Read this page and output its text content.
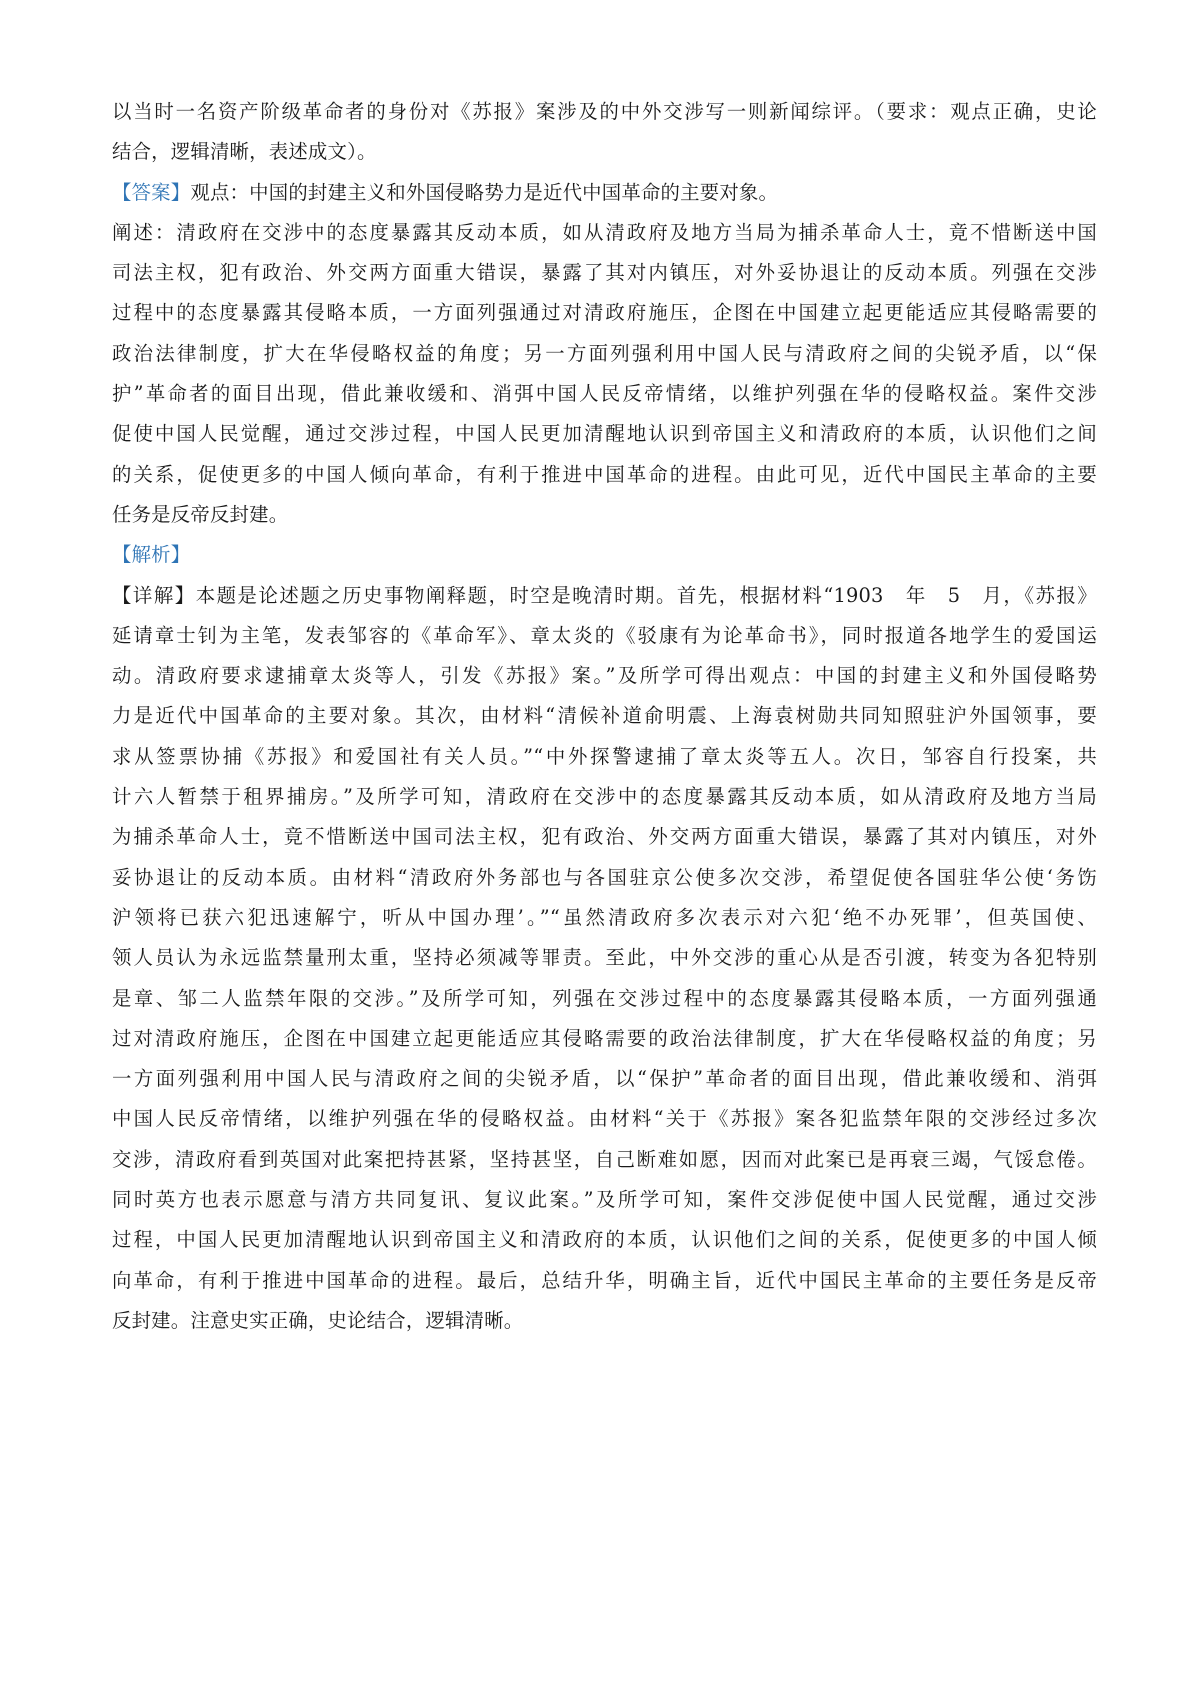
以当时一名资产阶级革命者的身份对《苏报》案涉及的中外交涉写一则新闻综评。（要求：观点正确，史论
结合，逻辑清晰，表述成文）。
【答案】观点：中国的封建主义和外国侵略势力是近代中国革命的主要对象。
阐述：清政府在交涉中的态度暴露其反动本质，如从清政府及地方当局为捕杀革命人士，竟不惜断送中国
司法主权，犯有政治、外交两方面重大错误，暴露了其对内镇压，对外妥协退让的反动本质。列强在交涉
过程中的态度暴露其侵略本质，一方面列强通过对清政府施压，企图在中国建立起更能适应其侵略需要的
政治法律制度，扩大在华侵略权益的角度；另一方面列强利用中国人民与清政府之间的尖锐矛盾，以“保
护”革命者的面目出现，借此兼收缓和、消弭中国人民反帝情绪，以维护列强在华的侵略权益。案件交涉
促使中国人民觉醒，通过交涉过程，中国人民更加清醒地认识到帝国主义和清政府的本质，认识他们之间
的关系，促使更多的中国人倾向革命，有利于推进中国革命的进程。由此可见，近代中国民主革命的主要
任务是反帝反封建。
【解析】
【详解】本题是论述题之历史事物阐释题，时空是晚清时期。首先，根据材料“1903　年　5　月，《苏报》
延请章士钊为主笔，发表邹容的《革命军》、章太炎的《驳康有为论革命书》，同时报道各地学生的爱国运
动。清政府要求逮捕章太炎等人，引发《苏报》案。”及所学可得出观点：中国的封建主义和外国侵略势
力是近代中国革命的主要对象。其次，由材料“清候补道俞明震、上海袁树勋共同知照驻沪外国领事，要
求从签票协捕《苏报》和爱国社有关人员。”“中外探警逮捕了章太炎等五人。次日，邹容自行投案，共
计六人暂禁于租界捕房。”及所学可知，清政府在交涉中的态度暴露其反动本质，如从清政府及地方当局
为捕杀革命人士，竟不惜断送中国司法主权，犯有政治、外交两方面重大错误，暴露了其对内镇压，对外
妥协退让的反动本质。由材料“清政府外务部也与各国驻京公使多次交涉，希望促使各国驻华公使‘务饬
沪领将已获六犯迅速解宁，听从中国办理’。”“虽然清政府多次表示对六犯‘绝不办死罪’，但英国使、
领人员认为永远监禁量刑太重，坚持必须减等罪责。至此，中外交涉的重心从是否引渡，转变为各犯特别
是章、邹二人监禁年限的交涉。”及所学可知，列强在交涉过程中的态度暴露其侵略本质，一方面列强通
过对清政府施压，企图在中国建立起更能适应其侵略需要的政治法律制度，扩大在华侵略权益的角度；另
一方面列强利用中国人民与清政府之间的尖锐矛盾，以“保护”革命者的面目出现，借此兼收缓和、消弭
中国人民反帝情绪，以维护列强在华的侵略权益。由材料“关于《苏报》案各犯监禁年限的交涉经过多次
交涉，清政府看到英国对此案把持甚紧，坚持甚坚，自己断难如愿，因而对此案已是再衰三竭，气馁怠倦。
同时英方也表示愿意与清方共同复讯、复议此案。”及所学可知，案件交涉促使中国人民觉醒，通过交涉
过程，中国人民更加清醒地认识到帝国主义和清政府的本质，认识他们之间的关系，促使更多的中国人倾
向革命，有利于推进中国革命的进程。最后，总结升华，明确主旨，近代中国民主革命的主要任务是反帝
反封建。注意史实正确，史论结合，逻辑清晰。
